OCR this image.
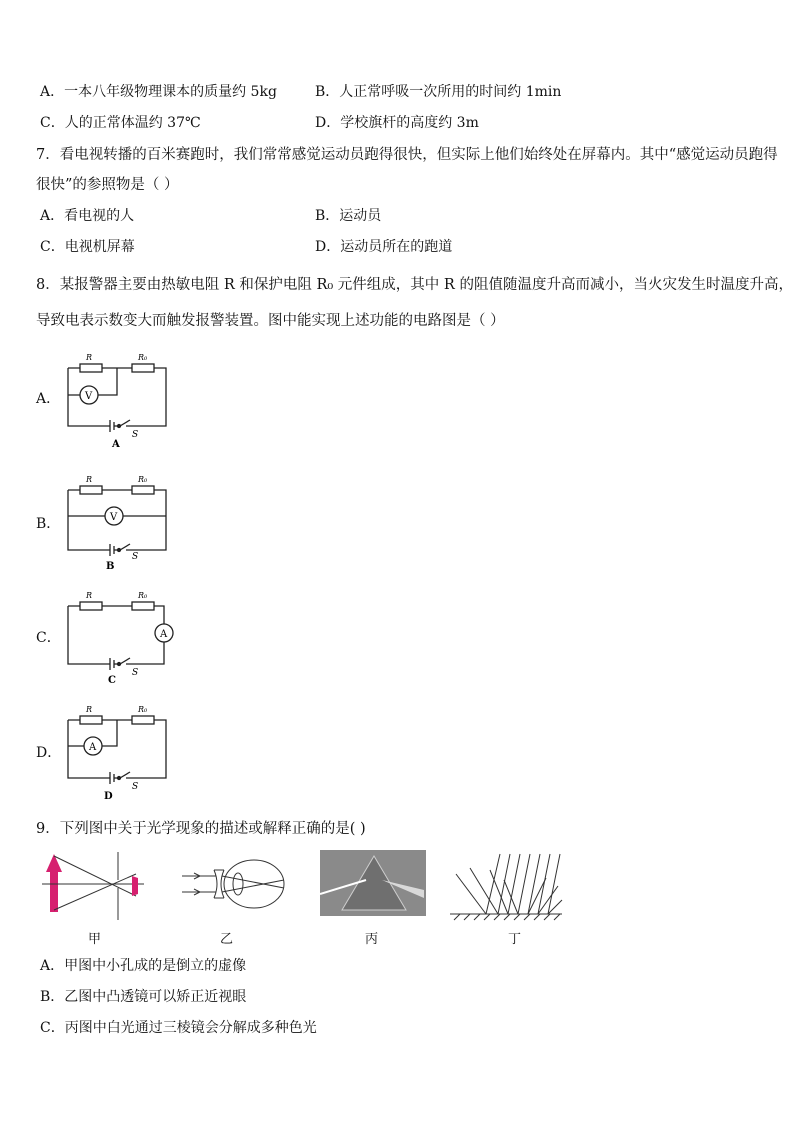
A．一本八年级物理课本的质量约 5kg	B．人正常呼吸一次所用的时间约 1min
C．人的正常体温约 37℃	D．学校旗杆的高度约 3m
7．看电视转播的百米赛跑时，我们常常感觉运动员跑得很快，但实际上他们始终处在屏幕内。其中“感觉运动员跑得
很快”的参照物是（ ）
A．看电视的人	B．运动员
C．电视机屏幕	D．运动员所在的跑道
8．某报警器主要由热敏电阻 R 和保护电阻 R₀ 元件组成，其中 R 的阻值随温度升高而减小，当火灾发生时温度升高，
导致电表示数变大而触发报警装置。图中能实现上述功能的电路图是（ ）
A．
R	R₀
V
S
A
B．
R	R₀
V
S
B
C．
R	R₀
A
S
C
D．
R	R₀
A
S
D
9．下列图中关于光学现象的描述或解释正确的是( )
甲	乙	丙	丁
A．甲图中小孔成的是倒立的虚像
B．乙图中凸透镜可以矫正近视眼
C．丙图中白光通过三棱镜会分解成多种色光
